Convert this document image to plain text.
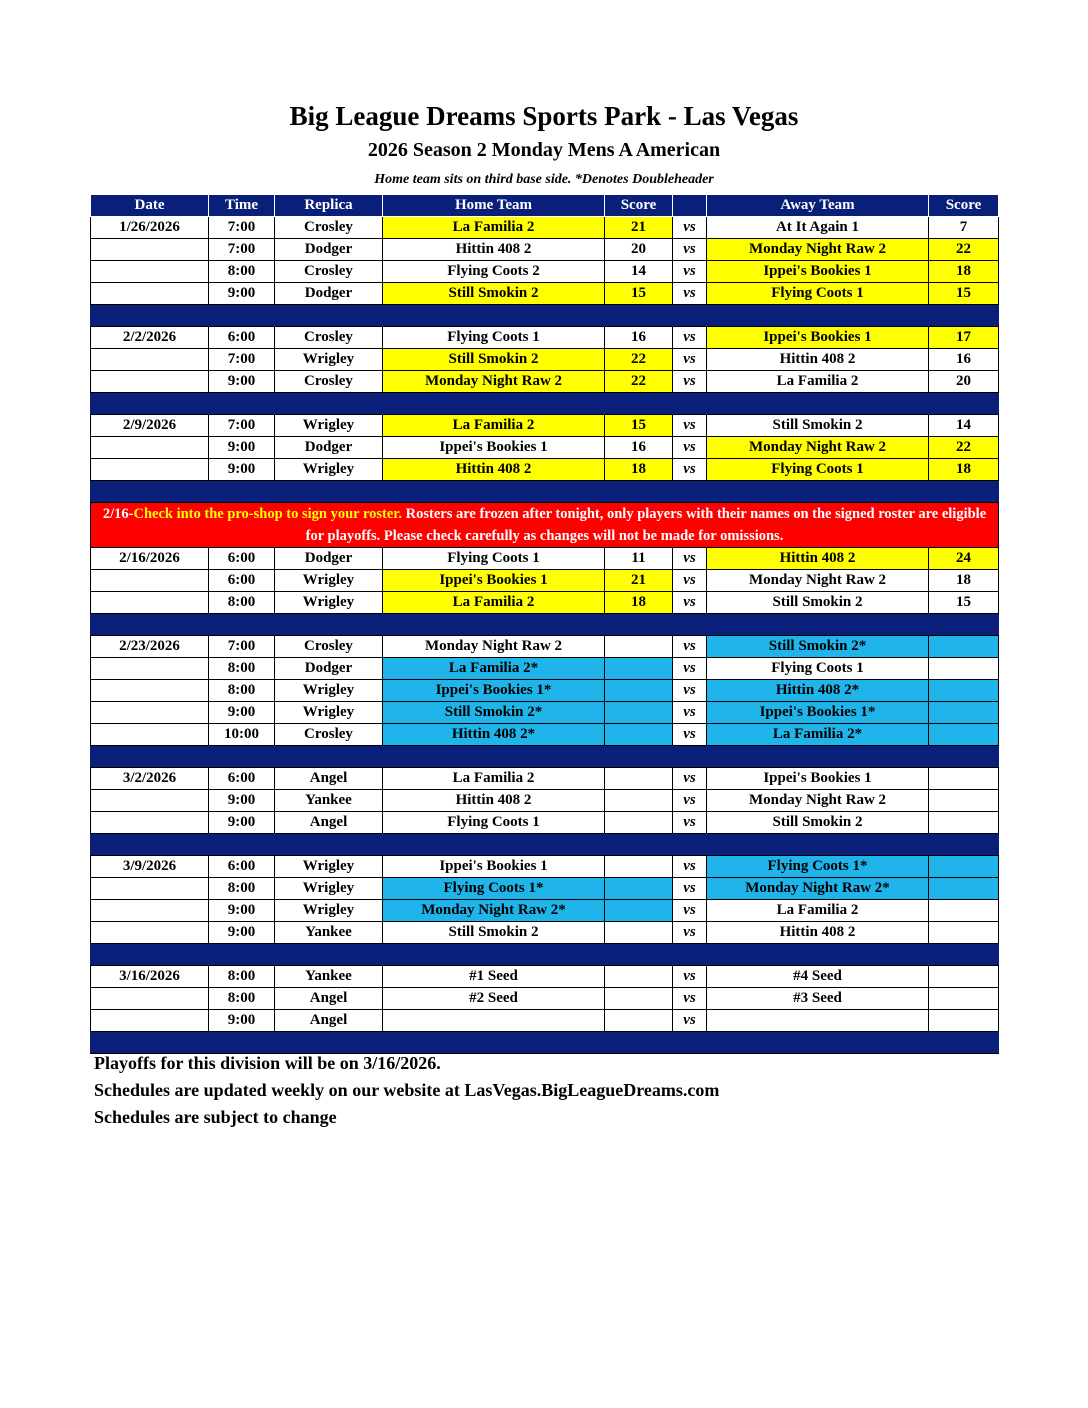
Big League Dreams Sports Park - Las Vegas
2026 Season 2 Monday Mens A American
Home team sits on third base side. *Denotes Doubleheader
Date	Time	Replica	Home Team	Score		Away Team	Score
1/26/2026	7:00	Crosley	La Familia 2	21	vs	At It Again 1	7
	7:00	Dodger	Hittin 408 2	20	vs	Monday Night Raw 2	22
	8:00	Crosley	Flying Coots 2	14	vs	Ippei's Bookies 1	18
	9:00	Dodger	Still Smokin 2	15	vs	Flying Coots 1	15

2/2/2026	6:00	Crosley	Flying Coots 1	16	vs	Ippei's Bookies 1	17
	7:00	Wrigley	Still Smokin 2	22	vs	Hittin 408 2	16
	9:00	Crosley	Monday Night Raw 2	22	vs	La Familia 2	20

2/9/2026	7:00	Wrigley	La Familia 2	15	vs	Still Smokin 2	14
	9:00	Dodger	Ippei's Bookies 1	16	vs	Monday Night Raw 2	22
	9:00	Wrigley	Hittin 408 2	18	vs	Flying Coots 1	18

2/16-Check into the pro-shop to sign your roster. Rosters are frozen after tonight, only players with their names on the signed roster are eligible for playoffs. Please check carefully as changes will not be made for omissions.							
2/16/2026	6:00	Dodger	Flying Coots 1	11	vs	Hittin 408 2	24
	6:00	Wrigley	Ippei's Bookies 1	21	vs	Monday Night Raw 2	18
	8:00	Wrigley	La Familia 2	18	vs	Still Smokin 2	15

2/23/2026	7:00	Crosley	Monday Night Raw 2		vs	Still Smokin 2*	
	8:00	Dodger	La Familia 2*		vs	Flying Coots 1	
	8:00	Wrigley	Ippei's Bookies 1*		vs	Hittin 408 2*	
	9:00	Wrigley	Still Smokin 2*		vs	Ippei's Bookies 1*	
	10:00	Crosley	Hittin 408 2*		vs	La Familia 2*	

3/2/2026	6:00	Angel	La Familia 2		vs	Ippei's Bookies 1	
	9:00	Yankee	Hittin 408 2		vs	Monday Night Raw 2	
	9:00	Angel	Flying Coots 1		vs	Still Smokin 2	

3/9/2026	6:00	Wrigley	Ippei's Bookies 1		vs	Flying Coots 1*	
	8:00	Wrigley	Flying Coots 1*		vs	Monday Night Raw 2*	
	9:00	Wrigley	Monday Night Raw 2*		vs	La Familia 2	
	9:00	Yankee	Still Smokin 2		vs	Hittin 408 2	

3/16/2026	8:00	Yankee	#1 Seed		vs	#4 Seed	
	8:00	Angel	#2 Seed		vs	#3 Seed	
	9:00	Angel			vs		

Playoffs for this division will be on 3/16/2026.
Schedules are updated weekly on our website at LasVegas.BigLeagueDreams.com
Schedules are subject to change
